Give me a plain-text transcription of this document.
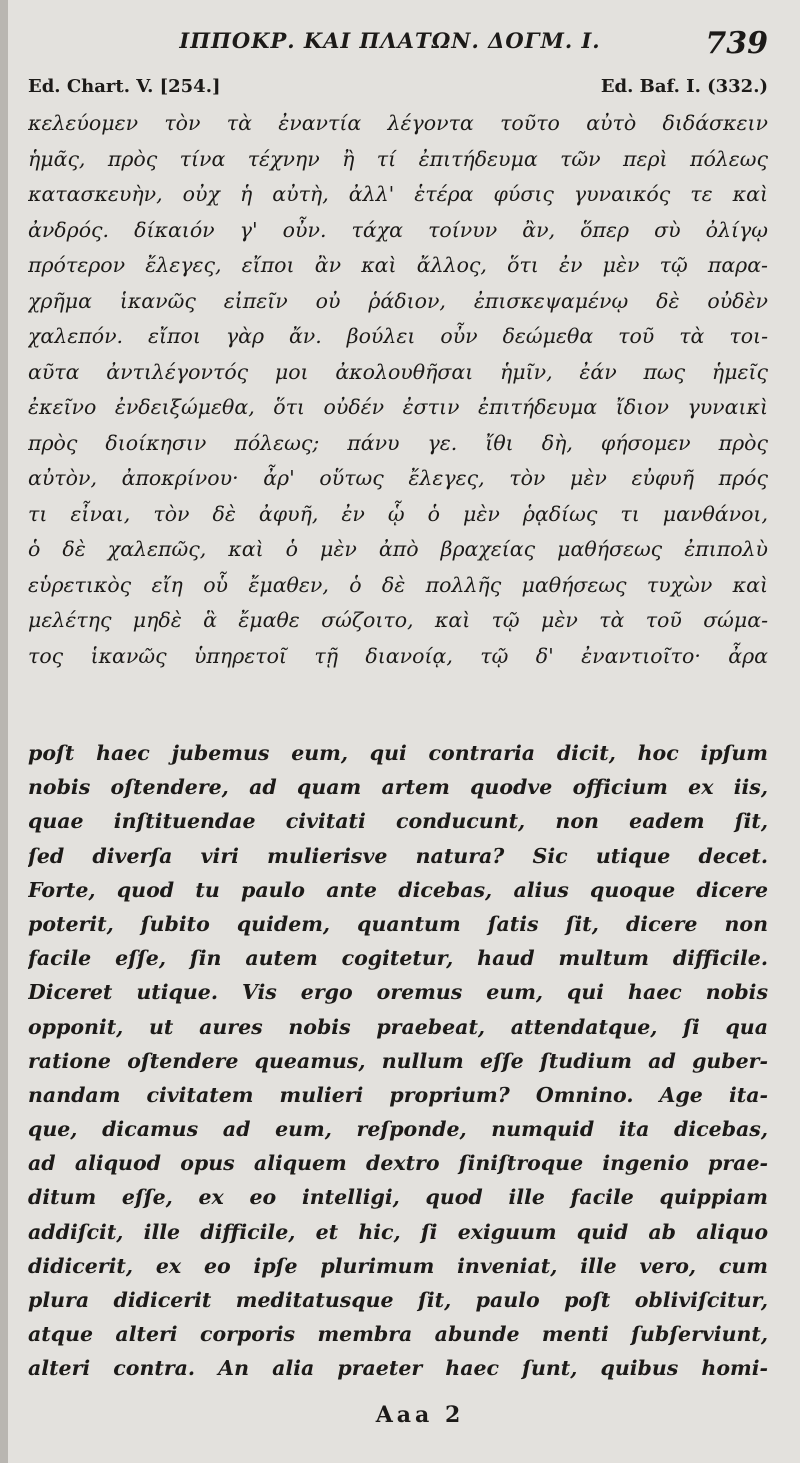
ΙΠΠΟΚΡ. ΚΑΙ ΠΛΑΤΩΝ. ΔΟΓΜ. Ι.	739
Ed. Chart. V. [254.]	Ed. Baf. I. (332.)
κελεύομεν τὸν τὰ ἐναντία λέγοντα τοῦτο αὐτὸ διδάσκειν
ἡμᾶς, πρὸς τίνα τέχνην ἢ τί ἐπιτήδευμα τῶν περὶ πόλεως
κατασκευὴν, οὐχ ἡ αὐτὴ, ἀλλ' ἑτέρα φύσις γυναικός τε καὶ
ἀνδρός. δίκαιόν γ' οὖν. τάχα τοίνυν ἂν, ὅπερ σὺ ὀλίγῳ
πρότερον ἔλεγες, εἴποι ἂν καὶ ἄλλος, ὅτι ἐν μὲν τῷ παρα-
χρῆμα ἱκανῶς εἰπεῖν οὐ ῥάδιον, ἐπισκεψαμένῳ δὲ οὐδὲν
χαλεπόν. εἴποι γὰρ ἄν. βούλει οὖν δεώμεθα τοῦ τὰ τοι-
αῦτα ἀντιλέγοντός μοι ἀκολουθῆσαι ἡμῖν, ἐάν πως ἡμεῖς
ἐκεῖνο ἐνδειξώμεθα, ὅτι οὐδέν ἐστιν ἐπιτήδευμα ἴδιον γυναικὶ
πρὸς διοίκησιν πόλεως; πάνυ γε. ἴθι δὴ, φήσομεν πρὸς
αὐτὸν, ἀποκρίνου· ἆρ' οὕτως ἔλεγες, τὸν μὲν εὐφυῆ πρός
τι εἶναι, τὸν δὲ ἀφυῆ, ἐν ᾧ ὁ μὲν ῥᾳδίως τι μανθάνοι,
ὁ δὲ χαλεπῶς, καὶ ὁ μὲν ἀπὸ βραχείας μαθήσεως ἐπιπολὺ
εὑρετικὸς εἴη οὗ ἔμαθεν, ὁ δὲ πολλῆς μαθήσεως τυχὼν καὶ
μελέτης μηδὲ ἃ ἔμαθε σώζοιτο, καὶ τῷ μὲν τὰ τοῦ σώμα-
τος ἱκανῶς ὑπηρετοῖ τῇ διανοίᾳ, τῷ δ' ἐναντιοῖτο· ἆρα
poſt haec jubemus eum, qui contraria dicit, hoc ipſum
nobis oſtendere, ad quam artem quodve officium ex iis,
quae inſtituendae civitati conducunt, non eadem ſit,
ſed diverſa viri mulierisve natura? Sic utique decet.
Forte, quod tu paulo ante dicebas, alius quoque dicere
poterit, ſubito quidem, quantum ſatis ſit, dicere non
facile eſſe, ſin autem cogitetur, haud multum difficile.
Diceret utique. Vis ergo oremus eum, qui haec nobis
opponit, ut aures nobis praebeat, attendatque, ſi qua
ratione oſtendere queamus, nullum eſſe ſtudium ad guber-
nandam civitatem mulieri proprium? Omnino. Age ita-
que, dicamus ad eum, reſponde, numquid ita dicebas,
ad aliquod opus aliquem dextro ſiniſtroque ingenio prae-
ditum eſſe, ex eo intelligi, quod ille facile quippiam
addiſcit, ille difficile, et hic, ſi exiguum quid ab aliquo
didicerit, ex eo ipſe plurimum inveniat, ille vero, cum
plura didicerit meditatusque ſit, paulo poſt obliviſcitur,
atque alteri corporis membra abunde menti ſubſerviunt,
alteri contra. An alia praeter haec ſunt, quibus homi-
Aaa 2
